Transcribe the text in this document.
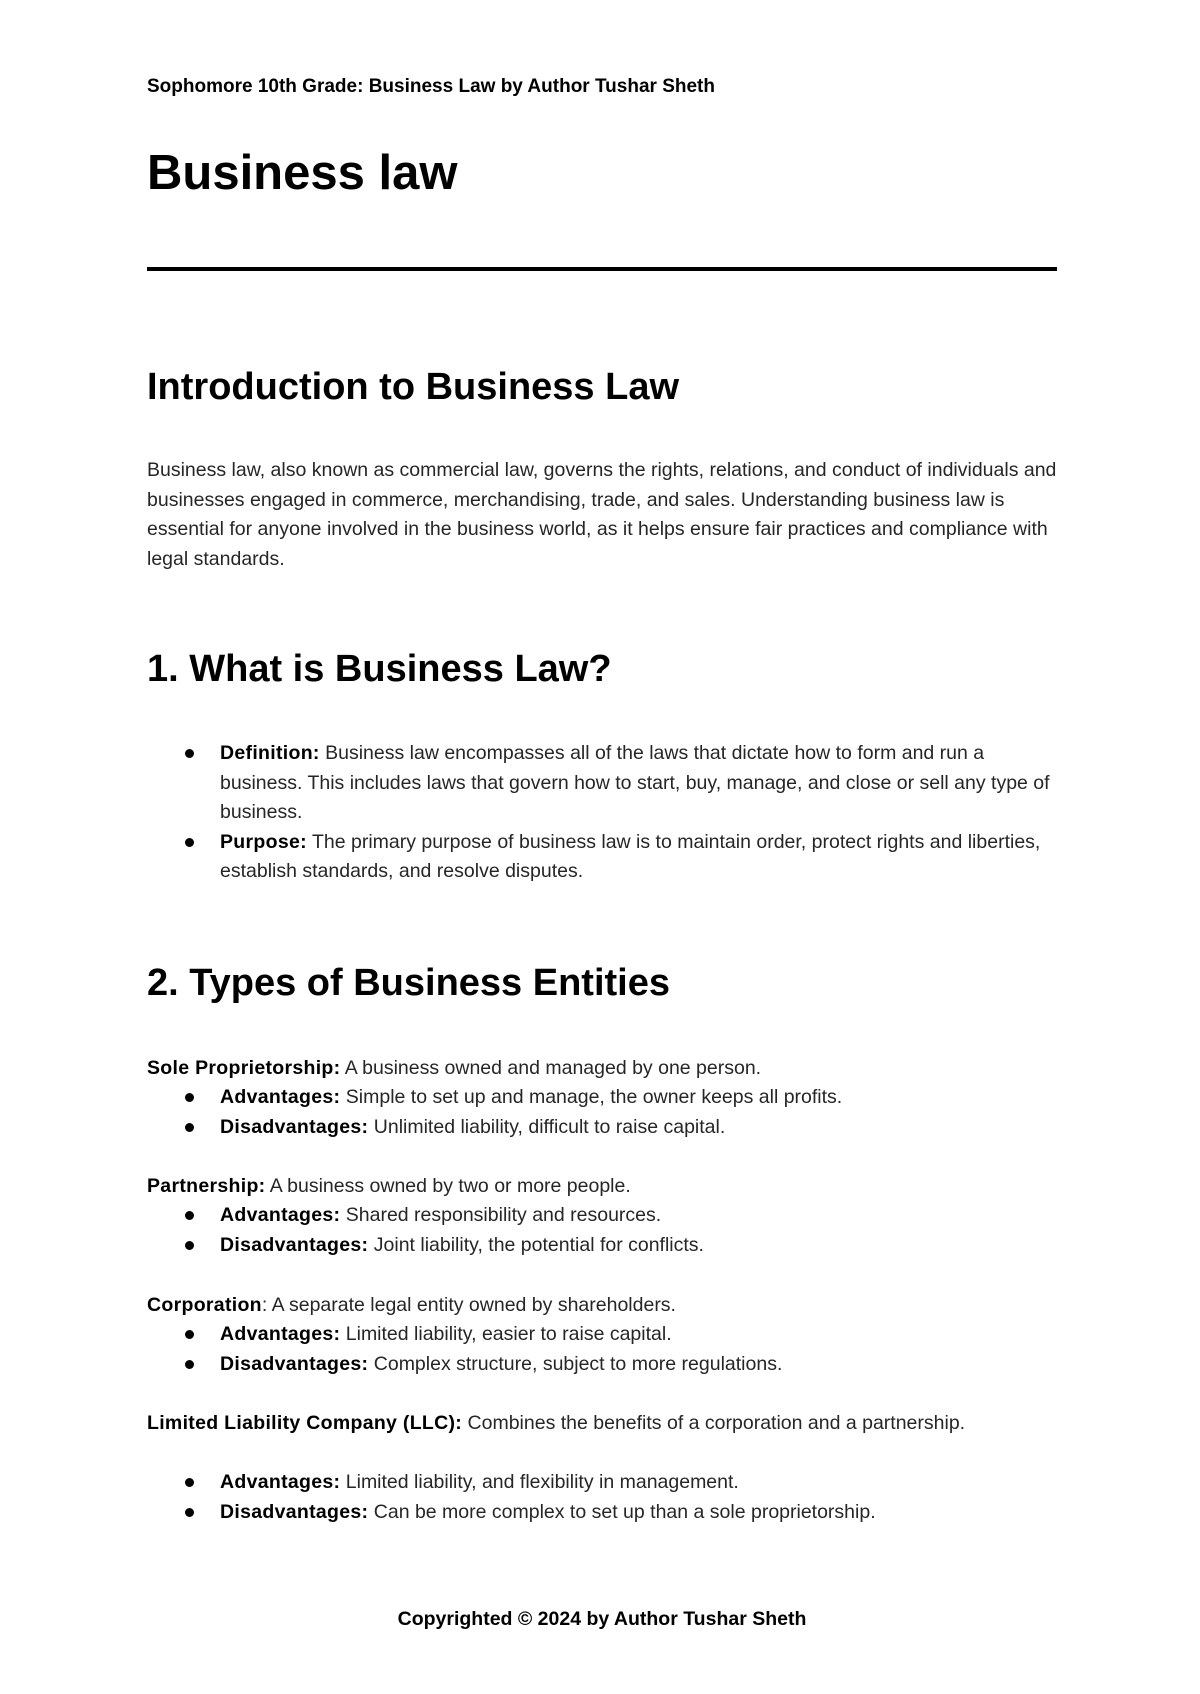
Sophomore 10th Grade: Business Law by Author Tushar Sheth
Business law
Introduction to Business Law

Business law, also known as commercial law, governs the rights, relations, and conduct of individuals and businesses engaged in commerce, merchandising, trade, and sales. Understanding business law is essential for anyone involved in the business world, as it helps ensure fair practices and compliance with legal standards.

1. What is Business Law?
Definition: Business law encompasses all of the laws that dictate how to form and run a business. This includes laws that govern how to start, buy, manage, and close or sell any type of business.
Purpose: The primary purpose of business law is to maintain order, protect rights and liberties, establish standards, and resolve disputes.
2. Types of Business Entities

Sole Proprietorship: A business owned and managed by one person.

Advantages: Simple to set up and manage, the owner keeps all profits.
Disadvantages: Unlimited liability, difficult to raise capital.

Partnership: A business owned by two or more people.

Advantages: Shared responsibility and resources.
Disadvantages: Joint liability, the potential for conflicts.

Corporation: A separate legal entity owned by shareholders.

Advantages: Limited liability, easier to raise capital.
Disadvantages: Complex structure, subject to more regulations.

Limited Liability Company (LLC): Combines the benefits of a corporation and a partnership.

Advantages: Limited liability, and flexibility in management.
Disadvantages: Can be more complex to set up than a sole proprietorship.
Copyrighted © 2024 by Author Tushar Sheth
